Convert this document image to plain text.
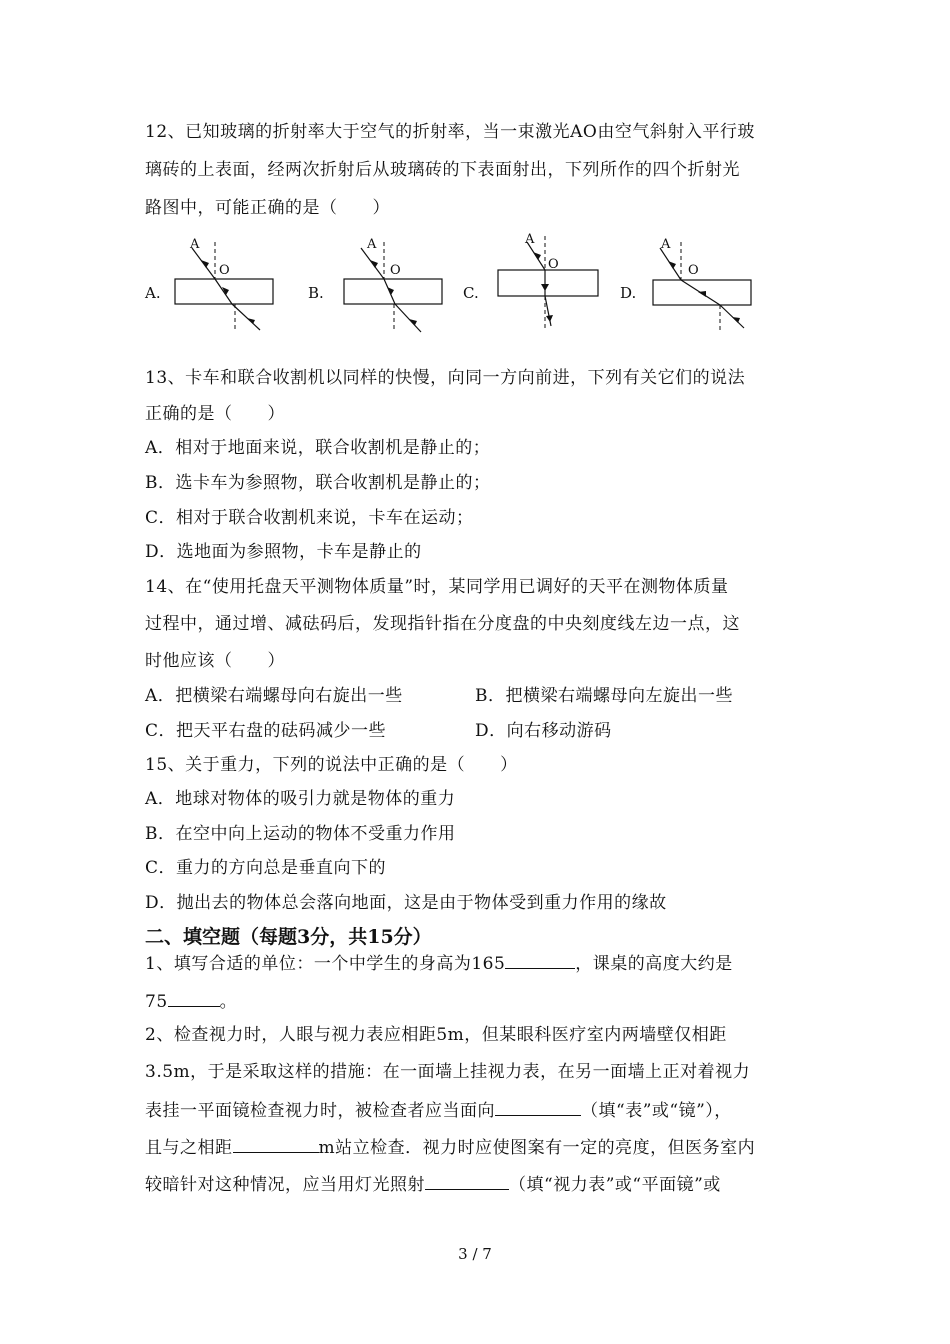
12、已知玻璃的折射率大于空气的折射率，当一束激光AO由空气斜射入平行玻
璃砖的上表面，经两次折射后从玻璃砖的下表面射出，下列所作的四个折射光
路图中，可能正确的是（　　）
A.
A
O
B.
A
O
C.
A
O
D.
A
O
13、卡车和联合收割机以同样的快慢，向同一方向前进，下列有关它们的说法
正确的是（　　）
A．相对于地面来说，联合收割机是静止的；
B．选卡车为参照物，联合收割机是静止的；
C．相对于联合收割机来说，卡车在运动；
D．选地面为参照物，卡车是静止的
14、在“使用托盘天平测物体质量”时，某同学用已调好的天平在测物体质量
过程中，通过增、减砝码后，发现指针指在分度盘的中央刻度线左边一点，这
时他应该（　　）
A．把横梁右端螺母向右旋出一些	B．把横梁右端螺母向左旋出一些
C．把天平右盘的砝码减少一些	D．向右移动游码
15、关于重力，下列的说法中正确的是（　　）
A．地球对物体的吸引力就是物体的重力
B．在空中向上运动的物体不受重力作用
C．重力的方向总是垂直向下的
D．抛出去的物体总会落向地面，这是由于物体受到重力作用的缘故
二、填空题（每题3分，共15分）
1、填写合适的单位：一个中学生的身高为165	，课桌的高度大约是
75	。
2、检查视力时，人眼与视力表应相距5m，但某眼科医疗室内两墙壁仅相距
3.5m，于是采取这样的措施：在一面墙上挂视力表，在另一面墙上正对着视力
表挂一平面镜检查视力时，被检查者应当面向	（填“表”或“镜”），
且与之相距	m站立检查．视力时应使图案有一定的亮度，但医务室内
较暗针对这种情况，应当用灯光照射	（填“视力表”或“平面镜”或
3 / 7
